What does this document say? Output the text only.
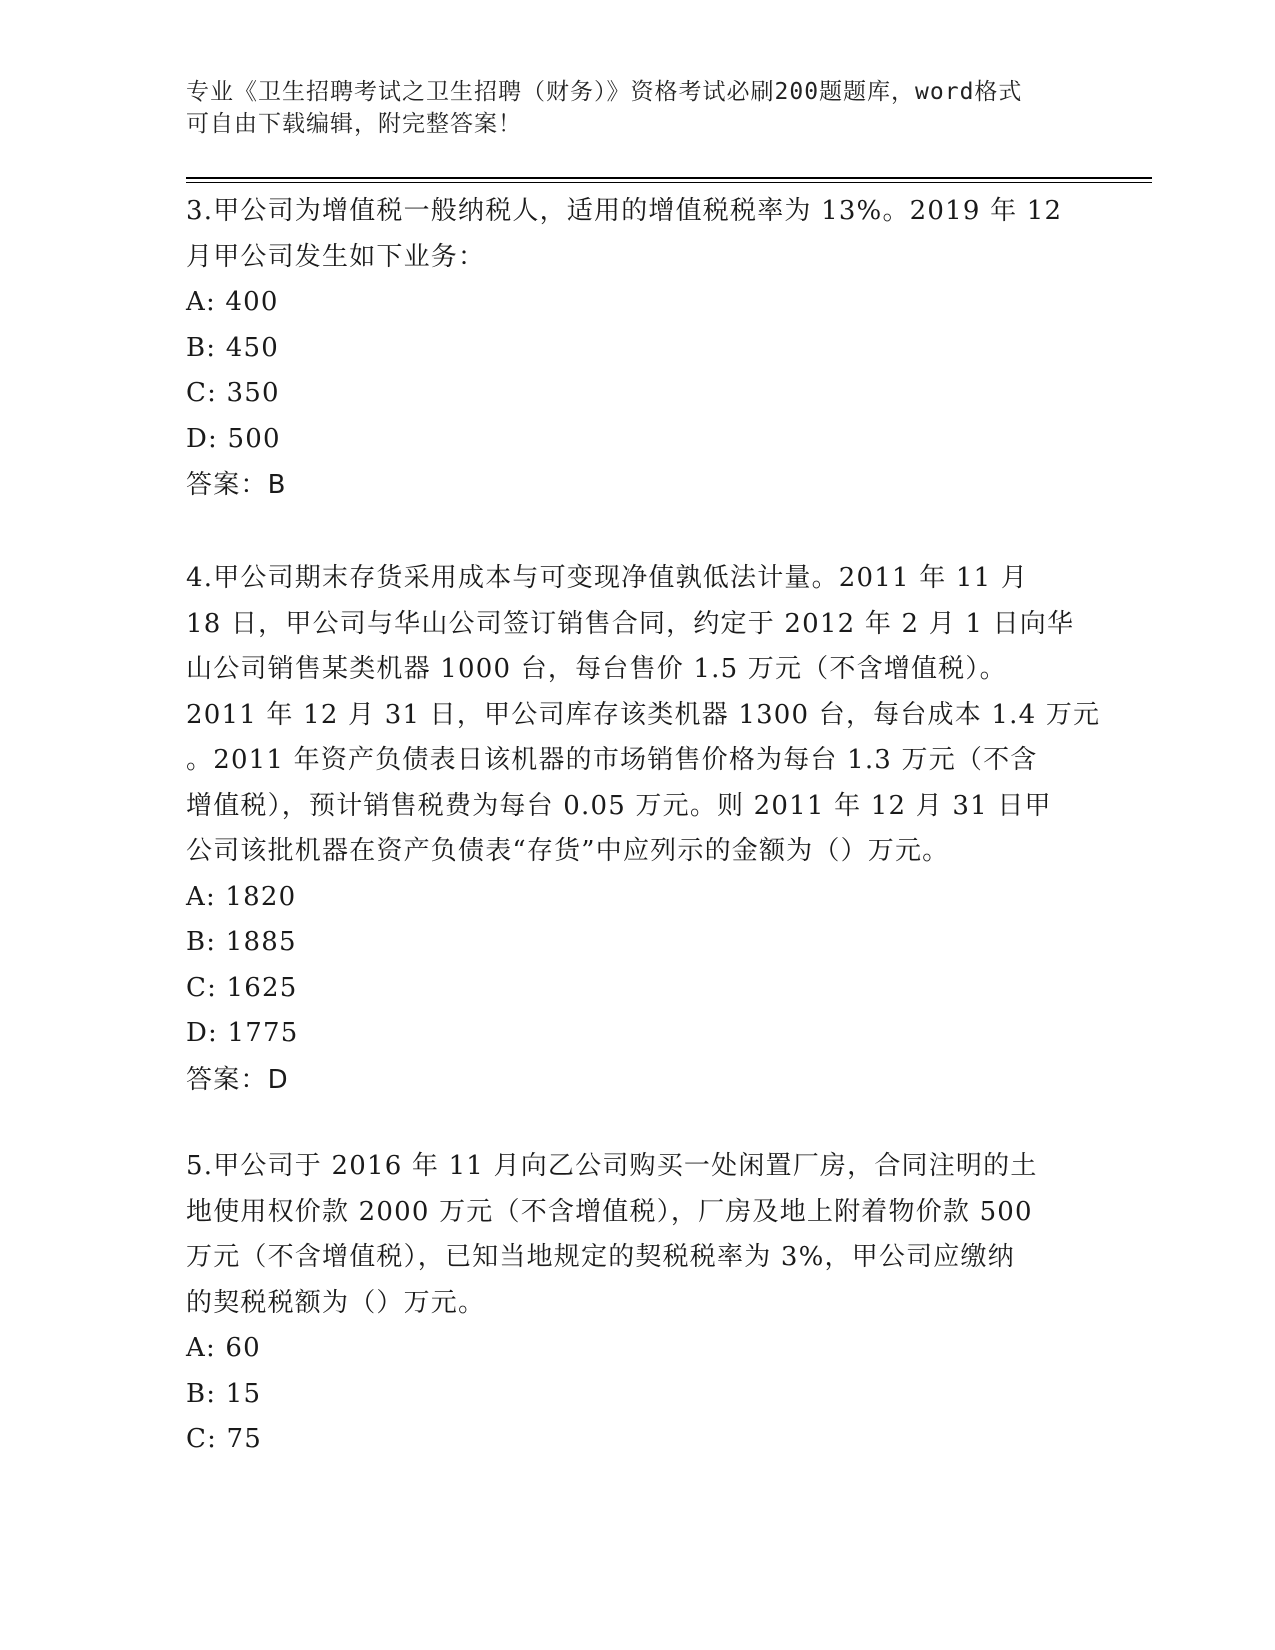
专业《卫生招聘考试之卫生招聘（财务）》资格考试必刷200题题库，word格式
可自由下载编辑，附完整答案！
3.甲公司为增值税一般纳税人，适用的增值税税率为 13%。2019 年 12
月甲公司发生如下业务：
A: 400
B: 450
C: 350
D: 500
答案：B
4.甲公司期末存货采用成本与可变现净值孰低法计量。2011 年 11 月
18 日，甲公司与华山公司签订销售合同，约定于 2012 年 2 月 1 日向华
山公司销售某类机器 1000 台，每台售价 1.5 万元（不含增值税）。
2011 年 12 月 31 日，甲公司库存该类机器 1300 台，每台成本 1.4 万元
。2011 年资产负债表日该机器的市场销售价格为每台 1.3 万元（不含
增值税），预计销售税费为每台 0.05 万元。则 2011 年 12 月 31 日甲
公司该批机器在资产负债表“存货”中应列示的金额为（）万元。
A: 1820
B: 1885
C: 1625
D: 1775
答案：D
5.甲公司于 2016 年 11 月向乙公司购买一处闲置厂房，合同注明的土
地使用权价款 2000 万元（不含增值税），厂房及地上附着物价款 500
万元（不含增值税），已知当地规定的契税税率为 3%，甲公司应缴纳
的契税税额为（）万元。
A: 60
B: 15
C: 75
